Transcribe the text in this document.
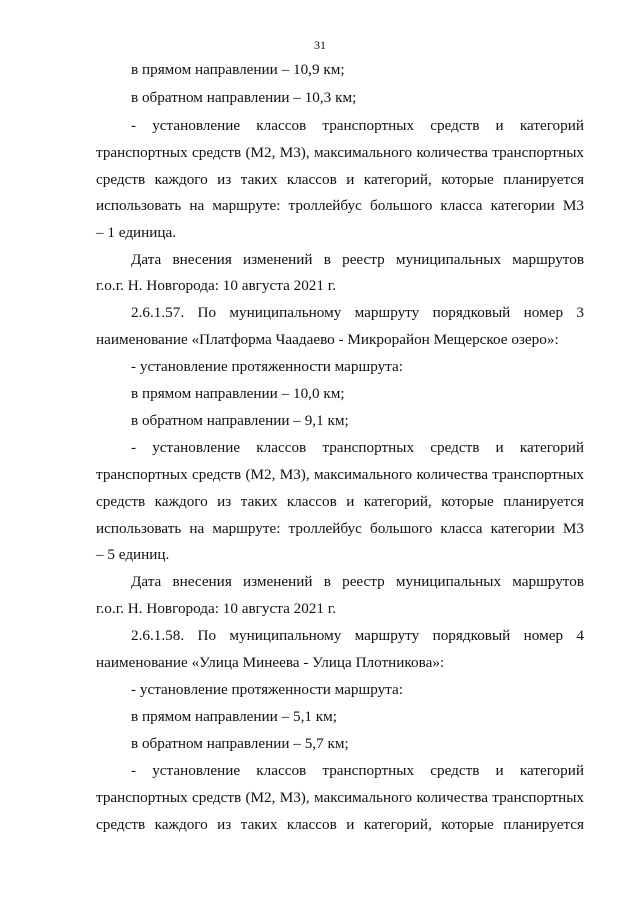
31
в прямом направлении – 10,9 км;
в обратном направлении – 10,3 км;
- установление классов транспортных средств и категорий
транспортных средств (М2, М3), максимального количества транспортных
средств каждого из таких классов и категорий, которые планируется
использовать на маршруте: троллейбус большого класса категории М3
– 1 единица.
Дата внесения изменений в реестр муниципальных маршрутов
г.о.г. Н. Новгорода: 10 августа 2021 г.
2.6.1.57. По муниципальному маршруту порядковый номер 3
наименование «Платформа Чаадаево - Микрорайон Мещерское озеро»:
- установление протяженности маршрута:
в прямом направлении – 10,0 км;
в обратном направлении – 9,1 км;
- установление классов транспортных средств и категорий
транспортных средств (М2, М3), максимального количества транспортных
средств каждого из таких классов и категорий, которые планируется
использовать на маршруте: троллейбус большого класса категории М3
– 5 единиц.
Дата внесения изменений в реестр муниципальных маршрутов
г.о.г. Н. Новгорода: 10 августа 2021 г.
2.6.1.58. По муниципальному маршруту порядковый номер 4
наименование «Улица Минеева - Улица Плотникова»:
- установление протяженности маршрута:
в прямом направлении – 5,1 км;
в обратном направлении – 5,7 км;
- установление классов транспортных средств и категорий
транспортных средств (М2, М3), максимального количества транспортных
средств каждого из таких классов и категорий, которые планируется
